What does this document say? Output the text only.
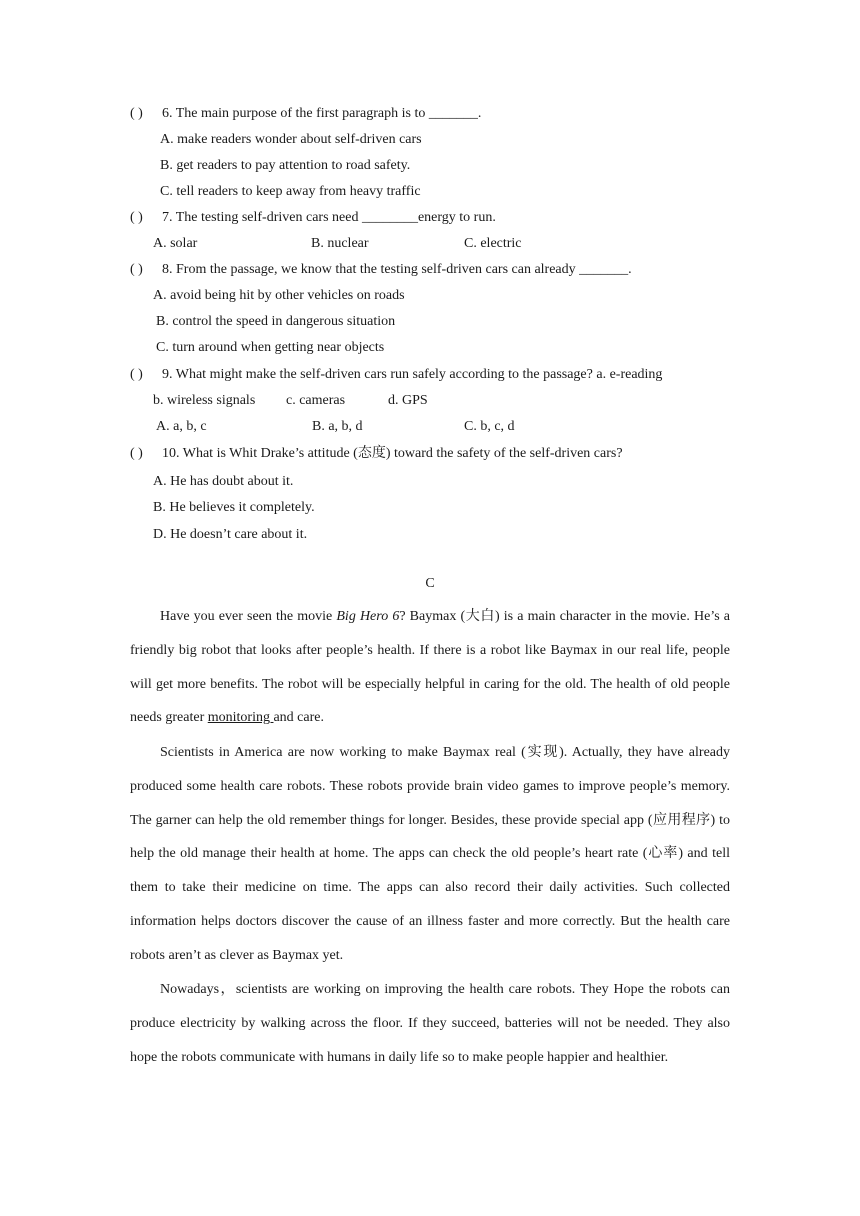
( ) 6. The main purpose of the first paragraph is to _______.
A. make readers wonder about self-driven cars
B. get readers to pay attention to road safety.
C. tell readers to keep away from heavy traffic
( ) 7. The testing self-driven cars need ________energy to run.
A. solar	B. nuclear	C. electric
( ) 8. From the passage, we know that the testing self-driven cars can already _______.
A. avoid being hit by other vehicles on roads
B. control the speed in dangerous situation
C. turn around when getting near objects
( ) 9. What might make the self-driven cars run safely according to the passage? a. e-reading
b. wireless signals c. cameras	d. GPS
A. a, b, c	B. a, b, d	C. b, c, d
( ) 10. What is Whit Drake’s attitude (态度) toward the safety of the self-driven cars?
A. He has doubt about it.
B. He believes it completely.
D. He doesn’t care about it.
C
Have you ever seen the movie Big Hero 6? Baymax (大白) is a main character in the movie. He’s a friendly big robot that looks after people’s health. If there is a robot like Baymax in our real life, people will get more benefits. The robot will be especially helpful in caring for the old. The health of old people needs greater monitoring and care.
Scientists in America are now working to make Baymax real (实现). Actually, they have already produced some health care robots. These robots provide brain video games to improve people’s memory. The garner can help the old remember things for longer. Besides, these provide special app (应用程序) to help the old manage their health at home. The apps can check the old people’s heart rate (心率) and tell them to take their medicine on time. The apps can also record their daily activities. Such collected information helps doctors discover the cause of an illness faster and more correctly. But the health care robots aren’t as clever as Baymax yet.
Nowadays，scientists are working on improving the health care robots. They Hope the robots can produce electricity by walking across the floor. If they succeed, batteries will not be needed. They also hope the robots communicate with humans in daily life so to make people happier and healthier.
